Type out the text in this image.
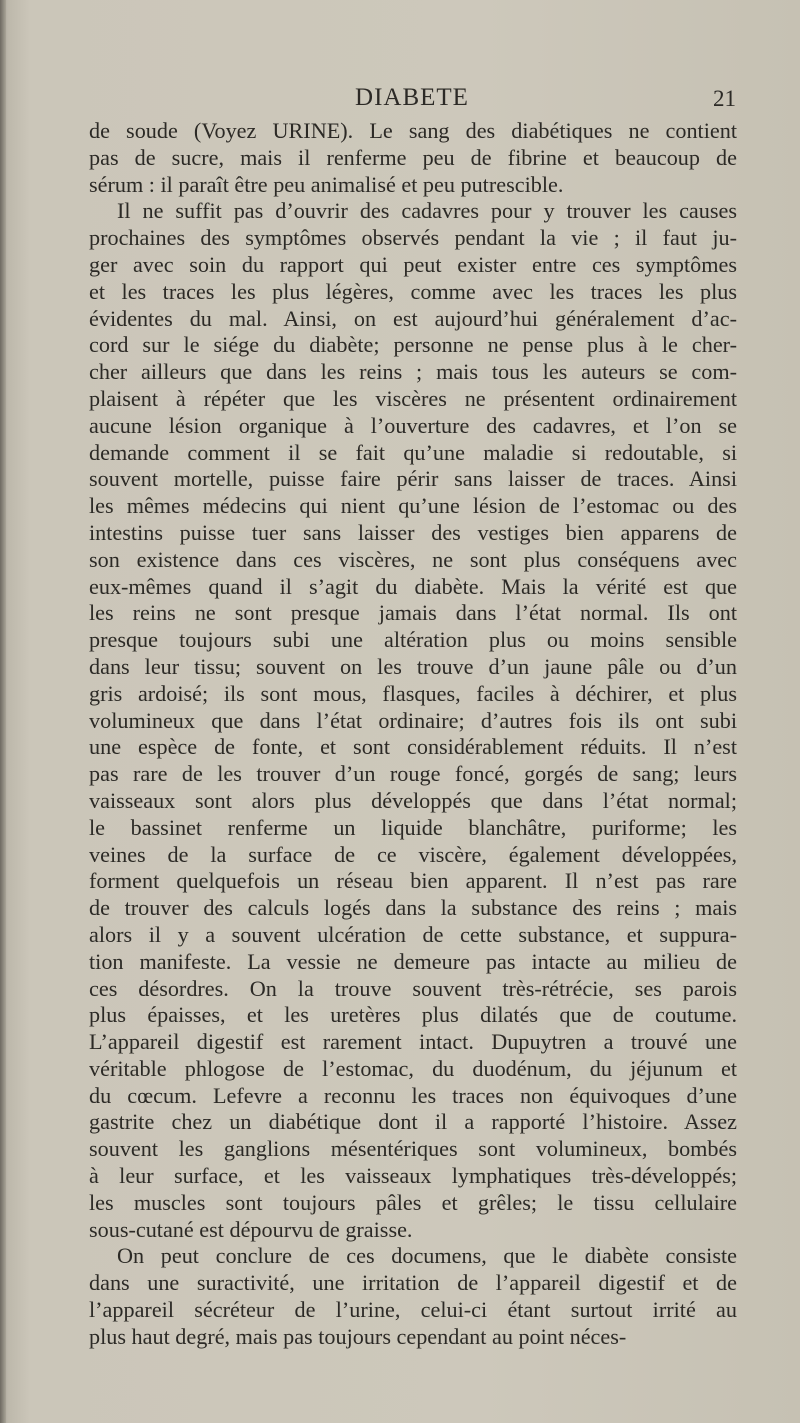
DIABETE	21
de soude (Voyez URINE). Le sang des diabétiques ne contient
pas de sucre, mais il renferme peu de fibrine et beaucoup de
sérum : il paraît être peu animalisé et peu putrescible.
Il ne suffit pas d’ouvrir des cadavres pour y trouver les causes
prochaines des symptômes observés pendant la vie ; il faut ju-
ger avec soin du rapport qui peut exister entre ces symptômes
et les traces les plus légères, comme avec les traces les plus
évidentes du mal. Ainsi, on est aujourd’hui généralement d’ac-
cord sur le siége du diabète; personne ne pense plus à le cher-
cher ailleurs que dans les reins ; mais tous les auteurs se com-
plaisent à répéter que les viscères ne présentent ordinairement
aucune lésion organique à l’ouverture des cadavres, et l’on se
demande comment il se fait qu’une maladie si redoutable, si
souvent mortelle, puisse faire périr sans laisser de traces. Ainsi
les mêmes médecins qui nient qu’une lésion de l’estomac ou des
intestins puisse tuer sans laisser des vestiges bien apparens de
son existence dans ces viscères, ne sont plus conséquens avec
eux-mêmes quand il s’agit du diabète. Mais la vérité est que
les reins ne sont presque jamais dans l’état normal. Ils ont
presque toujours subi une altération plus ou moins sensible
dans leur tissu; souvent on les trouve d’un jaune pâle ou d’un
gris ardoisé; ils sont mous, flasques, faciles à déchirer, et plus
volumineux que dans l’état ordinaire; d’autres fois ils ont subi
une espèce de fonte, et sont considérablement réduits. Il n’est
pas rare de les trouver d’un rouge foncé, gorgés de sang; leurs
vaisseaux sont alors plus développés que dans l’état normal;
le bassinet renferme un liquide blanchâtre, puriforme; les
veines de la surface de ce viscère, également développées,
forment quelquefois un réseau bien apparent. Il n’est pas rare
de trouver des calculs logés dans la substance des reins ; mais
alors il y a souvent ulcération de cette substance, et suppura-
tion manifeste. La vessie ne demeure pas intacte au milieu de
ces désordres. On la trouve souvent très-rétrécie, ses parois
plus épaisses, et les uretères plus dilatés que de coutume.
L’appareil digestif est rarement intact. Dupuytren a trouvé une
véritable phlogose de l’estomac, du duodénum, du jéjunum et
du cœcum. Lefevre a reconnu les traces non équivoques d’une
gastrite chez un diabétique dont il a rapporté l’histoire. Assez
souvent les ganglions mésentériques sont volumineux, bombés
à leur surface, et les vaisseaux lymphatiques très-développés;
les muscles sont toujours pâles et grêles; le tissu cellulaire
sous-cutané est dépourvu de graisse.
On peut conclure de ces documens, que le diabète consiste
dans une suractivité, une irritation de l’appareil digestif et de
l’appareil sécréteur de l’urine, celui-ci étant surtout irrité au
plus haut degré, mais pas toujours cependant au point néces-
